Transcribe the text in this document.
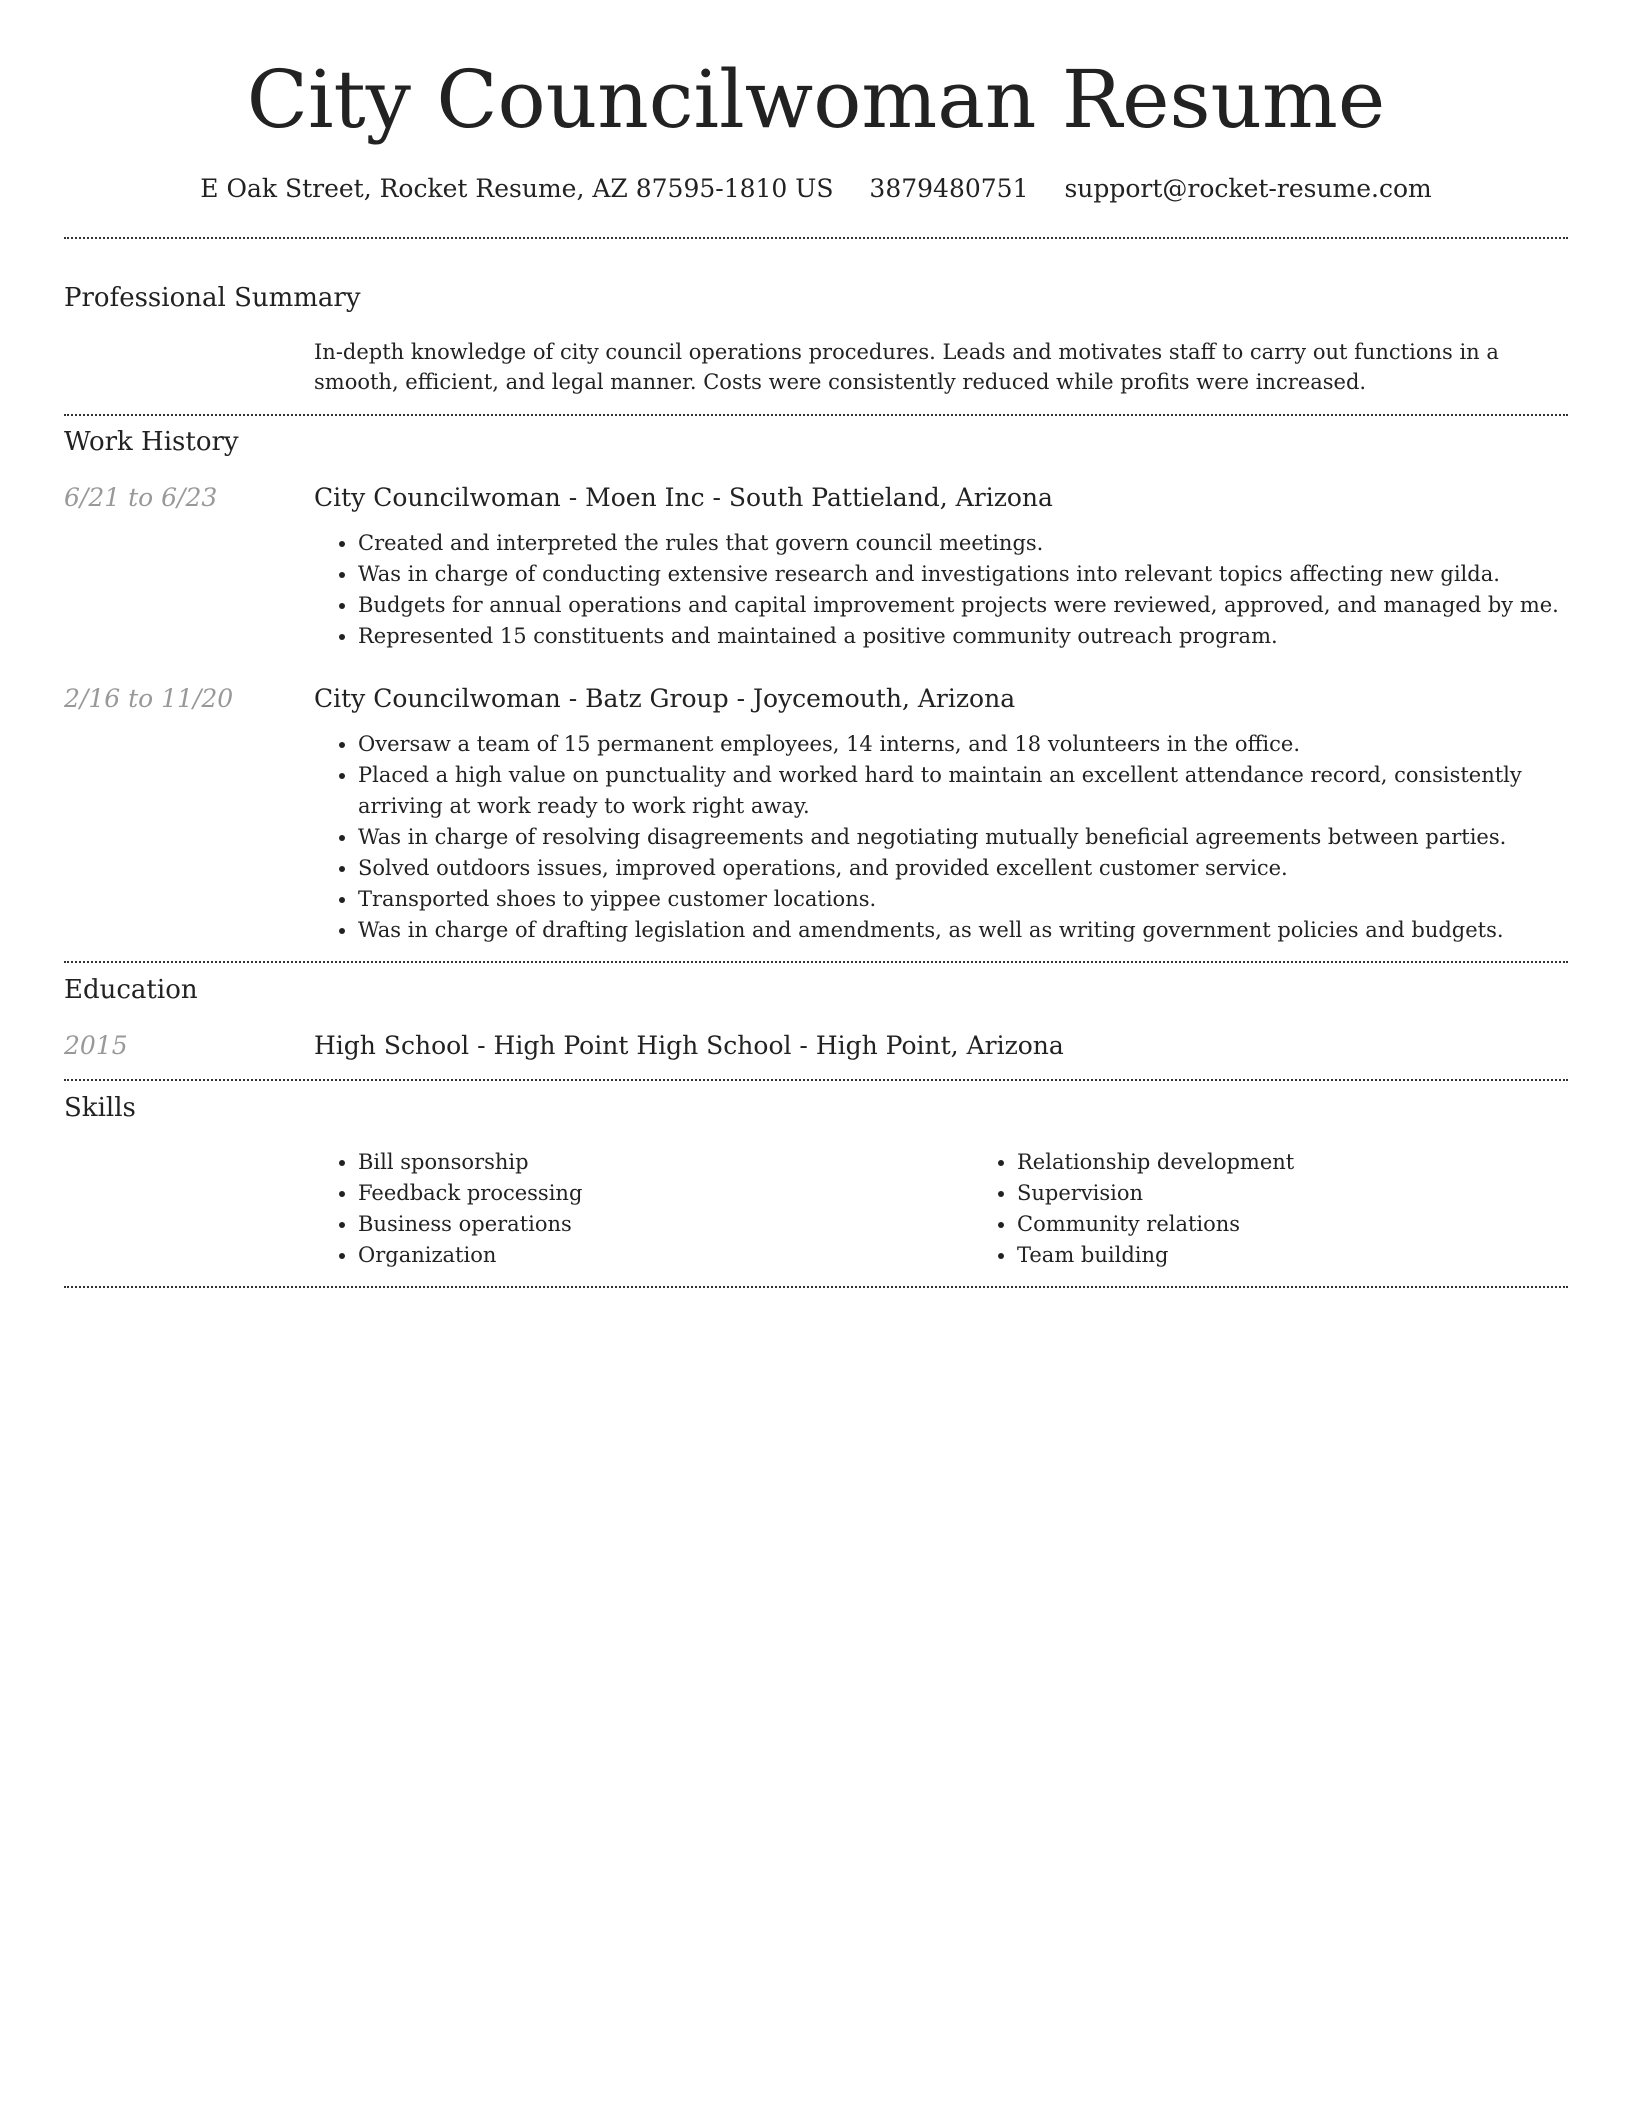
City Councilwoman Resume
E Oak Street, Rocket Resume, AZ 87595-1810 US 3879480751 support@rocket-resume.com
Professional Summary

In-depth knowledge of city council operations procedures. Leads and motivates staff to carry out functions in a smooth, efficient, and legal manner. Costs were consistently reduced while profits were increased.

Work History
6/21 to 6/23	City Councilwoman - Moen Inc - South Pattieland, Arizona
• Created and interpreted the rules that govern council meetings.
• Was in charge of conducting extensive research and investigations into relevant topics affecting new gilda.
• Budgets for annual operations and capital improvement projects were reviewed, approved, and managed by me.
• Represented 15 constituents and maintained a positive community outreach program.
2/16 to 11/20	City Councilwoman - Batz Group - Joycemouth, Arizona
• Oversaw a team of 15 permanent employees, 14 interns, and 18 volunteers in the office.
• Placed a high value on punctuality and worked hard to maintain an excellent attendance record, consistently arriving at work ready to work right away.
• Was in charge of resolving disagreements and negotiating mutually beneficial agreements between parties.
• Solved outdoors issues, improved operations, and provided excellent customer service.
• Transported shoes to yippee customer locations.
• Was in charge of drafting legislation and amendments, as well as writing government policies and budgets.
Education
2015	High School - High Point High School - High Point, Arizona
Skills
• Bill sponsorship
• Feedback processing
• Business operations
• Organization
• Relationship development
• Supervision
• Community relations
• Team building
